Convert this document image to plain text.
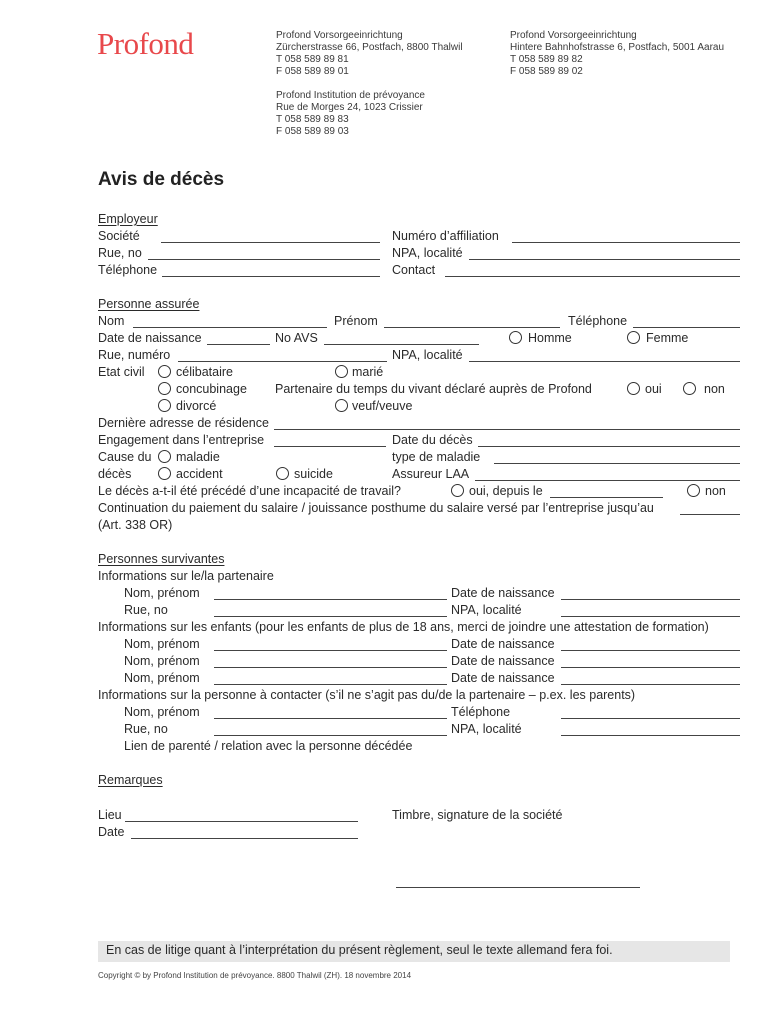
Profond	Profond Vorsorgeeinrichtung
Zürcherstrasse 66, Postfach, 8800 Thalwil
T 058 589 89 81
F 058 589 89 01
Profond Vorsorgeeinrichtung
Hintere Bahnhofstrasse 6, Postfach, 5001 Aarau
T 058 589 89 82
F 058 589 89 02
Profond Institution de prévoyance
Rue de Morges 24, 1023 Crissier
T 058 589 89 83
F 058 589 89 03
Avis de décès
Employeur
Société	Numéro d’affiliation
Rue, no	NPA, localité
Téléphone	Contact
Personne assurée
Nom	Prénom	Téléphone
Date de naissance	No AVS	Homme	Femme
Rue, numéro	NPA, localité
Etat civil	célibataire	marié
concubinage Partenaire du temps du vivant déclaré auprès de Profond	oui	non
divorcé	veuf/veuve
Dernière adresse de résidence
Engagement dans l’entreprise	Date du décès
Cause du maladie	type de maladie
décès	accident	suicide	Assureur LAA
Le décès a-t-il été précédé d’une incapacité de travail?	oui, depuis le	non
Continuation du paiement du salaire / jouissance posthume du salaire versé par l’entreprise jusqu’au
(Art. 338 OR)
Personnes survivantes
Informations sur le/la partenaire
Nom, prénom	Date de naissance
Rue, no	NPA, localité
Informations sur les enfants (pour les enfants de plus de 18 ans, merci de joindre une attestation de formation)
Nom, prénom	Date de naissance
Nom, prénom	Date de naissance
Nom, prénom	Date de naissance
Informations sur la personne à contacter (s’il ne s’agit pas du/de la partenaire – p.ex. les parents)
Nom, prénom	Téléphone
Rue, no	NPA, localité
Lien de parenté / relation avec la personne décédée
Remarques
Lieu	Timbre, signature de la société
Date
En cas de litige quant à l’interprétation du présent règlement, seul le texte allemand fera foi.
Copyright © by Profond Institution de prévoyance. 8800 Thalwil (ZH). 18 novembre 2014
